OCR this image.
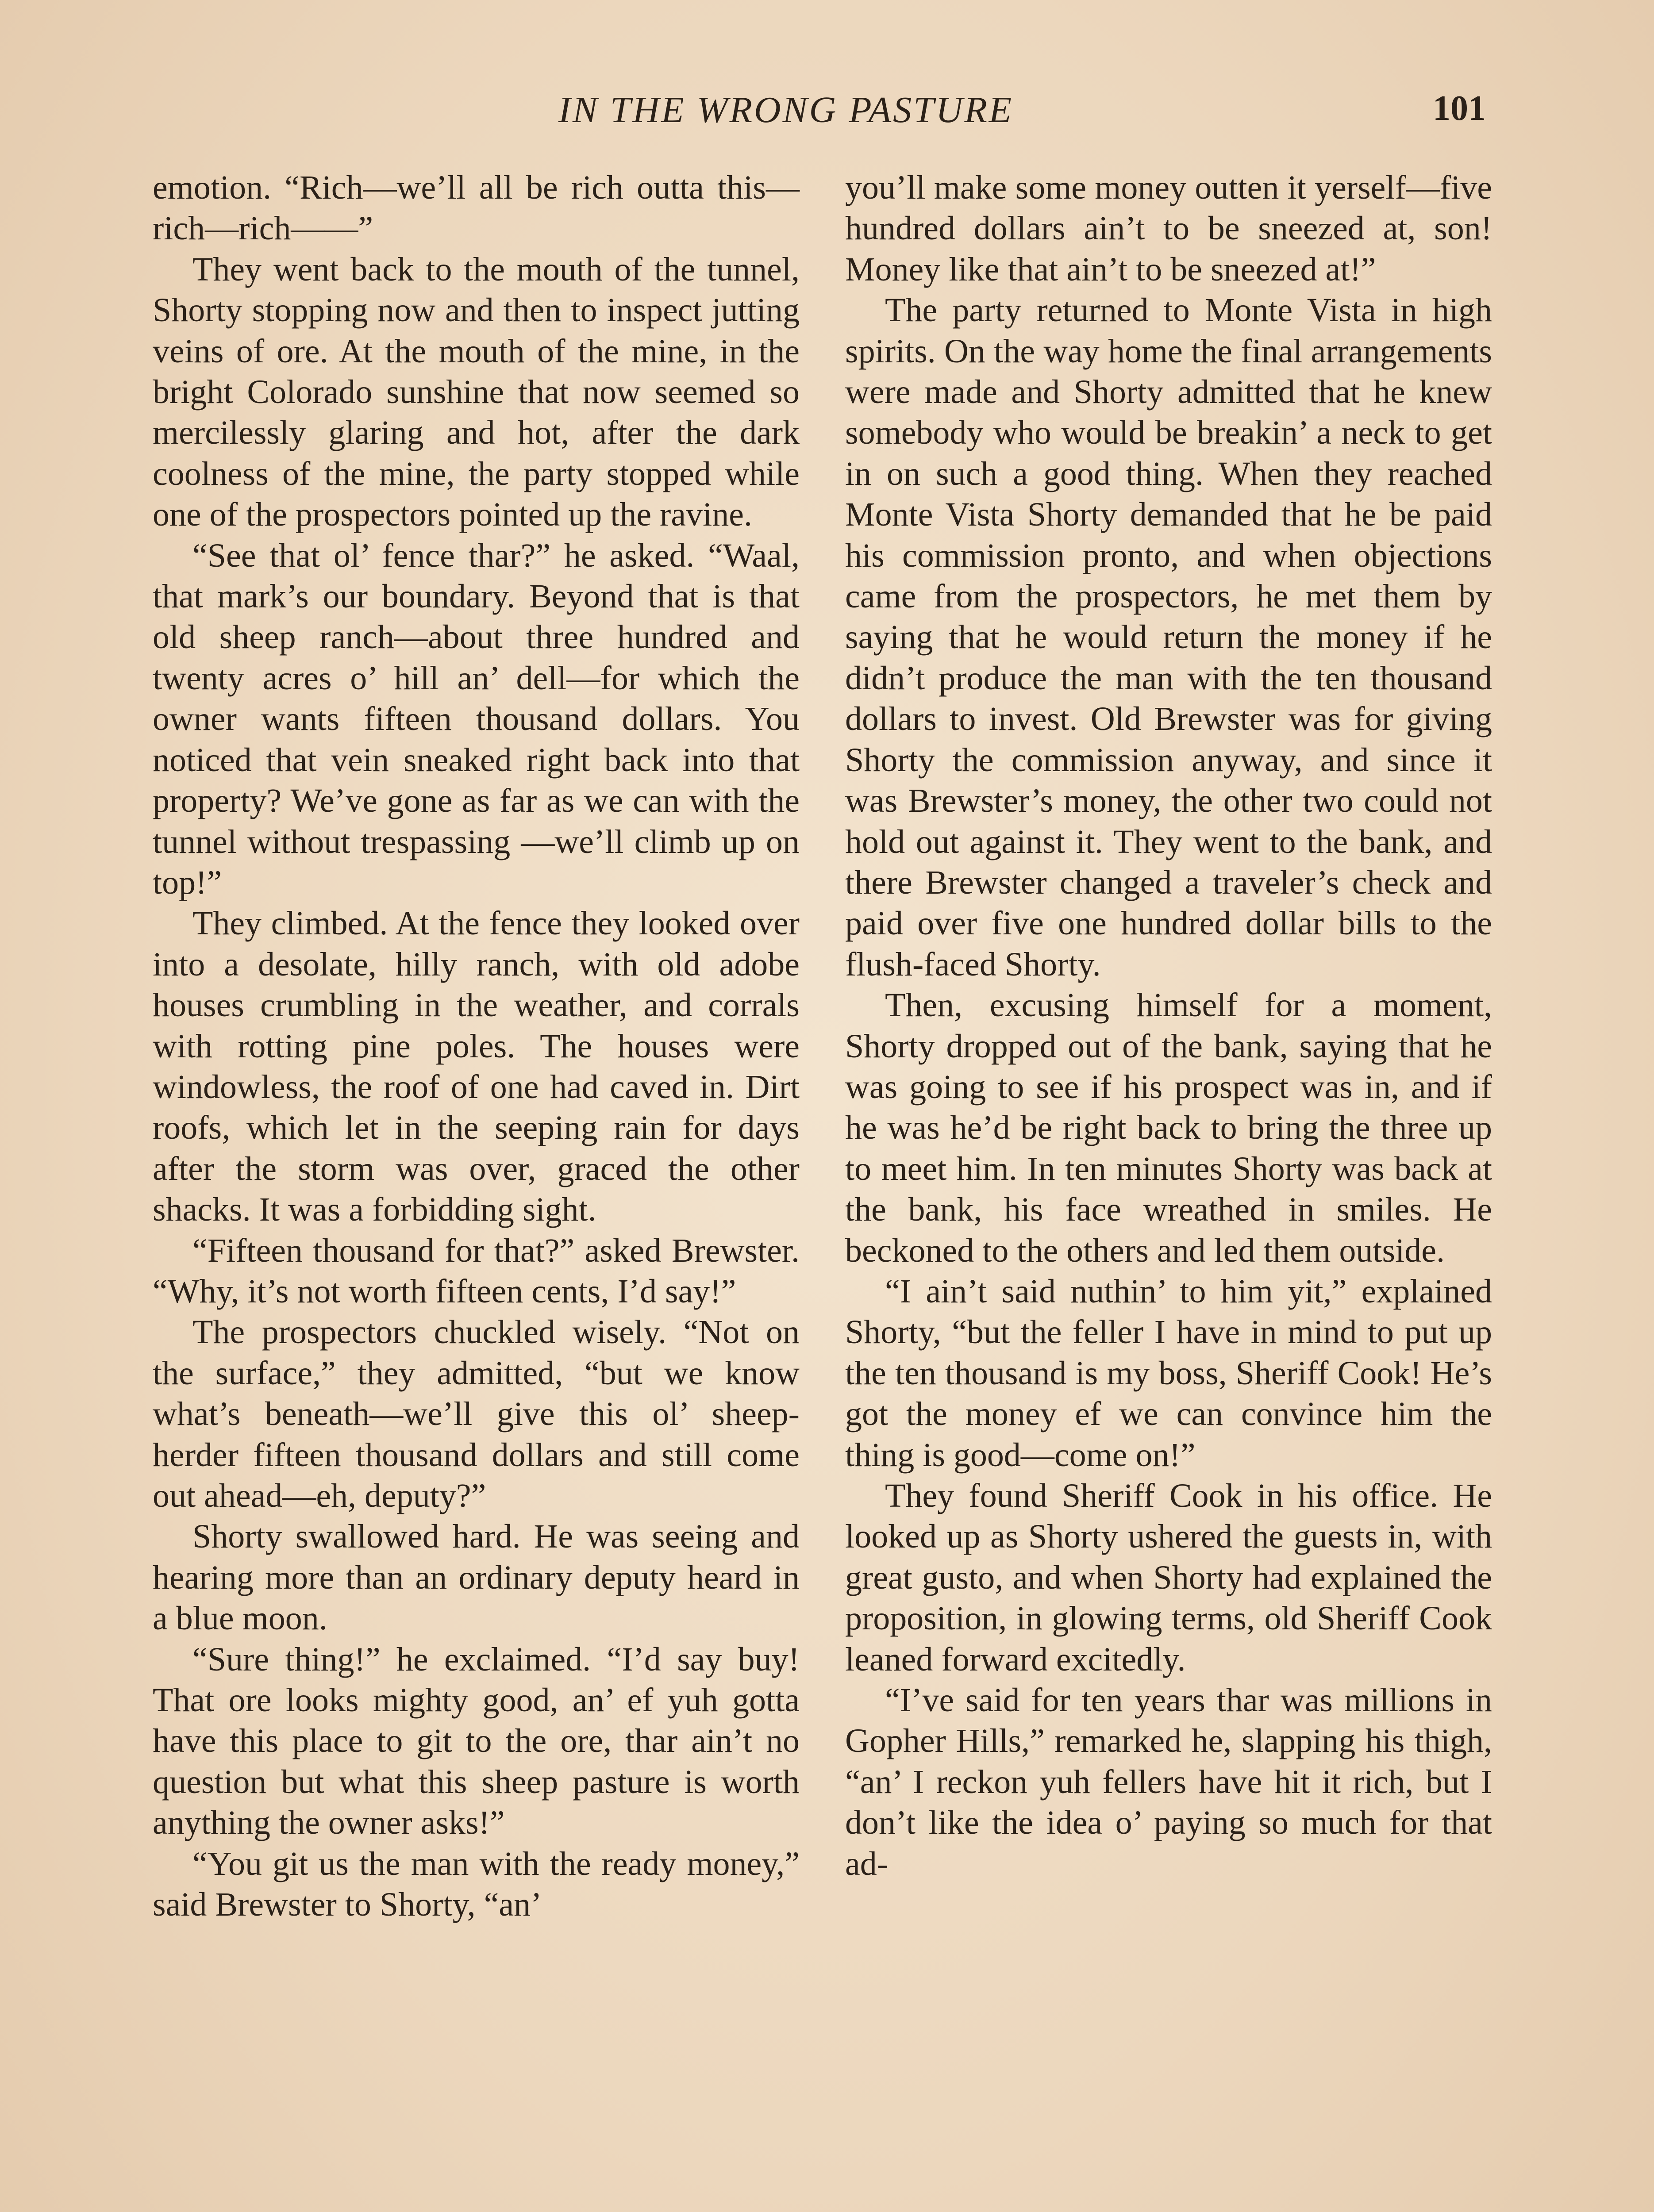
IN THE WRONG PASTURE	101

emotion. “Rich—we’ll all be rich outta this—rich—rich——”

They went back to the mouth of the tunnel, Shorty stopping now and then to inspect jutting veins of ore. At the mouth of the mine, in the bright Colorado sunshine that now seemed so mercilessly glaring and hot, after the dark coolness of the mine, the party stopped while one of the prospectors pointed up the ravine.

“See that ol’ fence thar?” he asked. “Waal, that mark’s our boundary. Beyond that is that old sheep ranch—about three hundred and twenty acres o’ hill an’ dell—for which the owner wants fifteen thousand dollars. You noticed that vein sneaked right back into that property? We’ve gone as far as we can with the tunnel without trespassing —we’ll climb up on top!”

They climbed. At the fence they looked over into a desolate, hilly ranch, with old adobe houses crumbling in the weather, and corrals with rotting pine poles. The houses were windowless, the roof of one had caved in. Dirt roofs, which let in the seeping rain for days after the storm was over, graced the other shacks. It was a forbidding sight.

“Fifteen thousand for that?” asked Brewster. “Why, it’s not worth fifteen cents, I’d say!”

The prospectors chuckled wisely. “Not on the surface,” they admitted, “but we know what’s beneath—we’ll give this ol’ sheep-herder fifteen thousand dollars and still come out ahead—eh, deputy?”

Shorty swallowed hard. He was seeing and hearing more than an ordinary deputy heard in a blue moon.

“Sure thing!” he exclaimed. “I’d say buy! That ore looks mighty good, an’ ef yuh gotta have this place to git to the ore, thar ain’t no question but what this sheep pasture is worth anything the owner asks!”

“You git us the man with the ready money,” said Brewster to Shorty, “an’

you’ll make some money outten it yerself—five hundred dollars ain’t to be sneezed at, son! Money like that ain’t to be sneezed at!”

The party returned to Monte Vista in high spirits. On the way home the final arrangements were made and Shorty admitted that he knew somebody who would be breakin’ a neck to get in on such a good thing. When they reached Monte Vista Shorty demanded that he be paid his commission pronto, and when objections came from the prospectors, he met them by saying that he would return the money if he didn’t produce the man with the ten thousand dollars to invest. Old Brewster was for giving Shorty the commission anyway, and since it was Brewster’s money, the other two could not hold out against it. They went to the bank, and there Brewster changed a traveler’s check and paid over five one hundred dollar bills to the flush-faced Shorty.

Then, excusing himself for a moment, Shorty dropped out of the bank, saying that he was going to see if his prospect was in, and if he was he’d be right back to bring the three up to meet him. In ten minutes Shorty was back at the bank, his face wreathed in smiles. He beckoned to the others and led them outside.

“I ain’t said nuthin’ to him yit,” explained Shorty, “but the feller I have in mind to put up the ten thousand is my boss, Sheriff Cook! He’s got the money ef we can convince him the thing is good—come on!”

They found Sheriff Cook in his office. He looked up as Shorty ushered the guests in, with great gusto, and when Shorty had explained the proposition, in glowing terms, old Sheriff Cook leaned forward excitedly.

“I’ve said for ten years thar was millions in Gopher Hills,” remarked he, slapping his thigh, “an’ I reckon yuh fellers have hit it rich, but I don’t like the idea o’ paying so much for that ad‑
